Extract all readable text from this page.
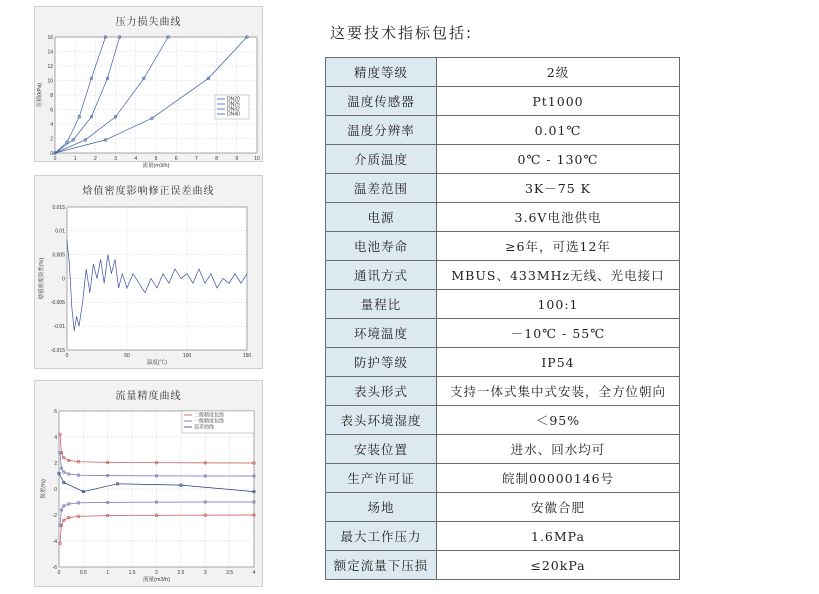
压力损失曲线
0	1	2	3	4	5	6	7	8	9	10
0
2
4
6
8
10
12
14
16
流量(m3/h)
压损(kPa)	DN20
DN25
DN32
DN40
焓值密度影响修正误差曲线
0	50	100	150
-0.015
-0.01
-0.005
0
0.005
0.01
0.015
温度(℃)
焓值密度误差(%)
流量精度曲线
0	0.5	1	1.5	2	2.5	3	3.5	4
-6
-4
-2
0
2
4
6
流量(m3/h)
误差(%)
二级精度包络
一级精度包络
误差曲线
这要技术指标包括:
精度等级	2级
温度传感器	Pt1000
温度分辨率	0.01℃
介质温度	0℃ - 130℃
温差范围	3K－75 K
电源	3.6V电池供电
电池寿命	≥6年，可选12年
通讯方式	MBUS、433MHz无线、光电接口
量程比	100:1
环境温度	－10℃ - 55℃
防护等级	IP54
表头形式	支持一体式集中式安装，全方位朝向
表头环境湿度	＜95%
安装位置	进水、回水均可
生产许可证	皖制00000146号
场地	安徽合肥
最大工作压力	1.6MPa
额定流量下压损	≤20kPa
